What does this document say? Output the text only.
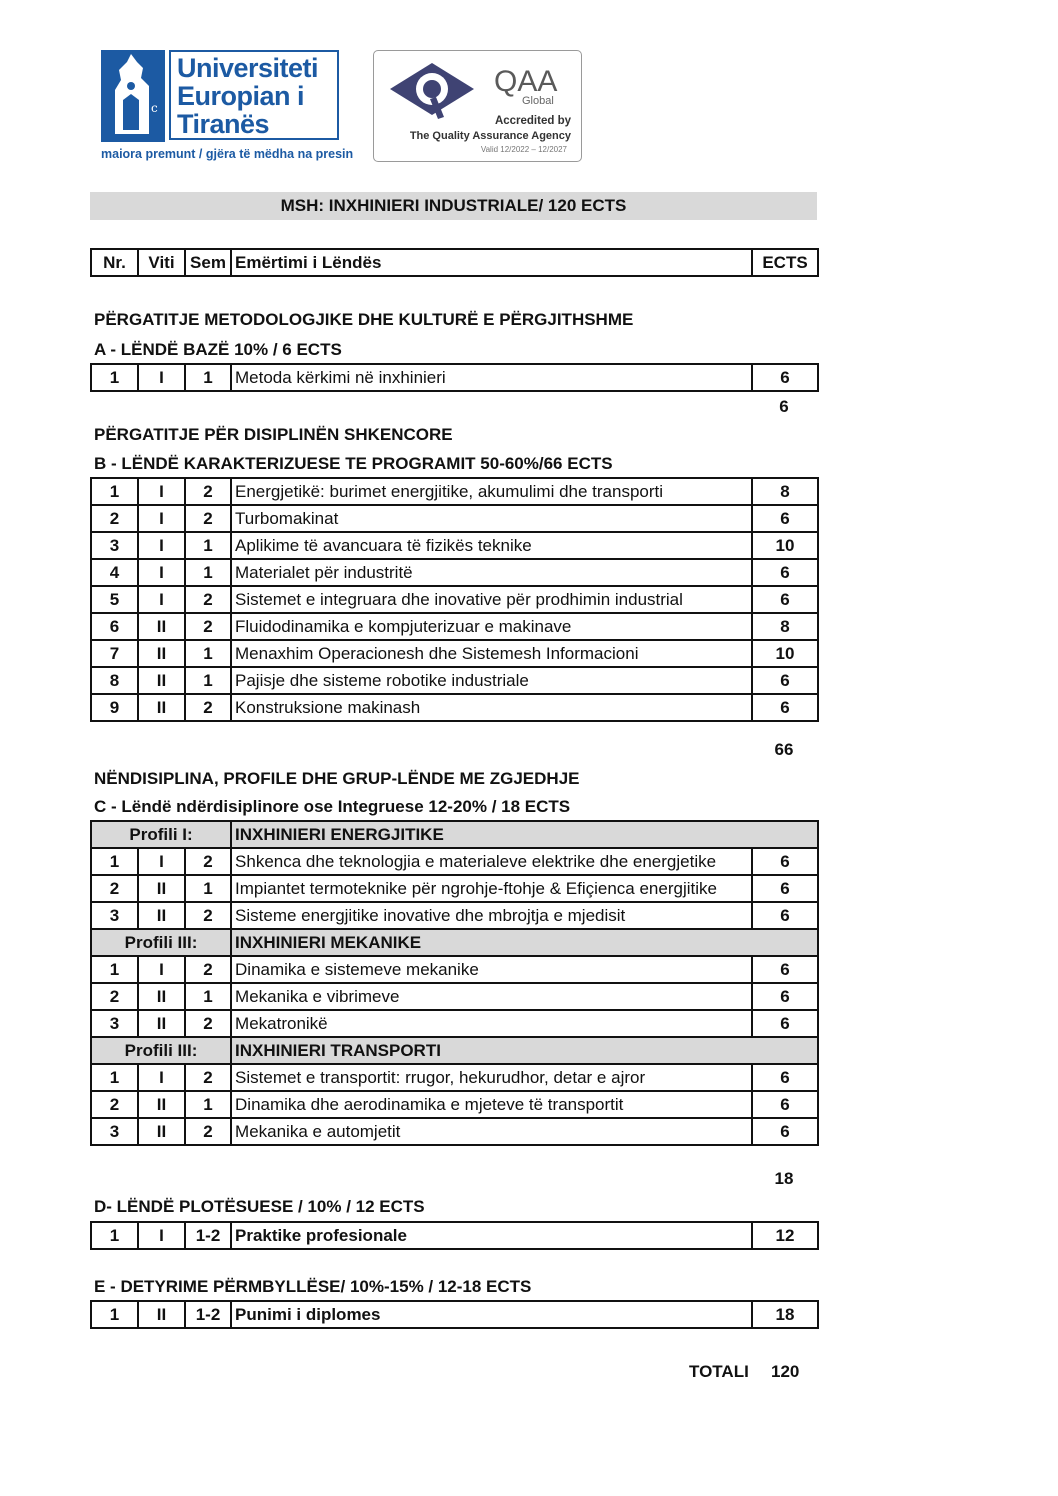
c
Universiteti
Europian i
Tiranës
maiora premunt / gjëra të mëdha na presin
QAA
Global
Accredited by
The Quality Assurance Agency
Valid 12/2022 – 12/2027
MSH: INXHINIERI INDUSTRIALE/ 120 ECTS
Nr.	Viti	Sem	Emërtimi i Lëndës	ECTS
PËRGATITJE METODOLOGJIKE DHE KULTURË E PËRGJITHSHME
A - LËNDË BAZË 10% / 6 ECTS
1	I	1	Metoda kërkimi në inxhinieri	6
6
PËRGATITJE PËR DISIPLINËN SHKENCORE
B - LËNDË KARAKTERIZUESE TE PROGRAMIT 50-60%/66 ECTS
1	I	2	Energjetikë: burimet energjitike, akumulimi dhe transporti	8
2	I	2	Turbomakinat	6
3	I	1	Aplikime të avancuara të fizikës teknike	10
4	I	1	Materialet për industritë	6
5	I	2	Sistemet e integruara dhe inovative për prodhimin industrial	6
6	II	2	Fluidodinamika e kompjuterizuar e makinave	8
7	II	1	Menaxhim Operacionesh dhe Sistemesh Informacioni	10
8	II	1	Pajisje dhe sisteme robotike industriale	6
9	II	2	Konstruksione makinash	6
66
NËNDISIPLINA, PROFILE DHE GRUP-LËNDE ME ZGJEDHJE
C - Lëndë ndërdisiplinore ose Integruese 12-20% / 18 ECTS
Profili I:			INXHINIERI ENERGJITIKE	
1	I	2	Shkenca dhe teknologjia e materialeve elektrike dhe energjetike	6
2	II	1	Impiantet termoteknike për ngrohje-ftohje & Efiçienca energjitike	6
3	II	2	Sisteme energjitike inovative dhe mbrojtja e mjedisit	6
Profili III:			INXHINIERI MEKANIKE	
1	I	2	Dinamika e sistemeve mekanike	6
2	II	1	Mekanika e vibrimeve	6
3	II	2	Mekatronikë	6
Profili III:			INXHINIERI TRANSPORTI	
1	I	2	Sistemet e transportit: rrugor, hekurudhor, detar e ajror	6
2	II	1	Dinamika dhe aerodinamika e mjeteve të transportit	6
3	II	2	Mekanika e automjetit	6
18
D- LËNDË PLOTËSUESE / 10% / 12 ECTS
1	I	1-2	Praktike profesionale	12
E - DETYRIME PËRMBYLLËSE/ 10%-15% / 12-18 ECTS
1	II	1-2	Punimi i diplomes	18
TOTALI 120
